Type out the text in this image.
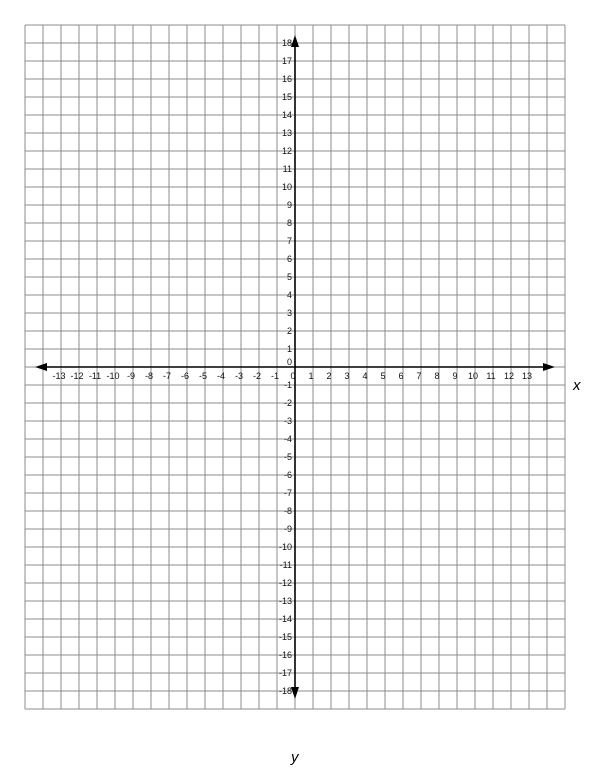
-13 -12 -11 -10 -9 -8 -7 -6 -5 -4 -3 -2 -1 0 1 2 3 4 5 6 7 8 9 10 11 12 13
18
17
16
15
14
13
12
11
10
9
8
7
6
5
4
3
2
1
-1
-2
-3
-4
-5
-6
-7
-8
-9
-10
-11
-12
-13
-14
-15
-16
-17
-18
0
x
y
